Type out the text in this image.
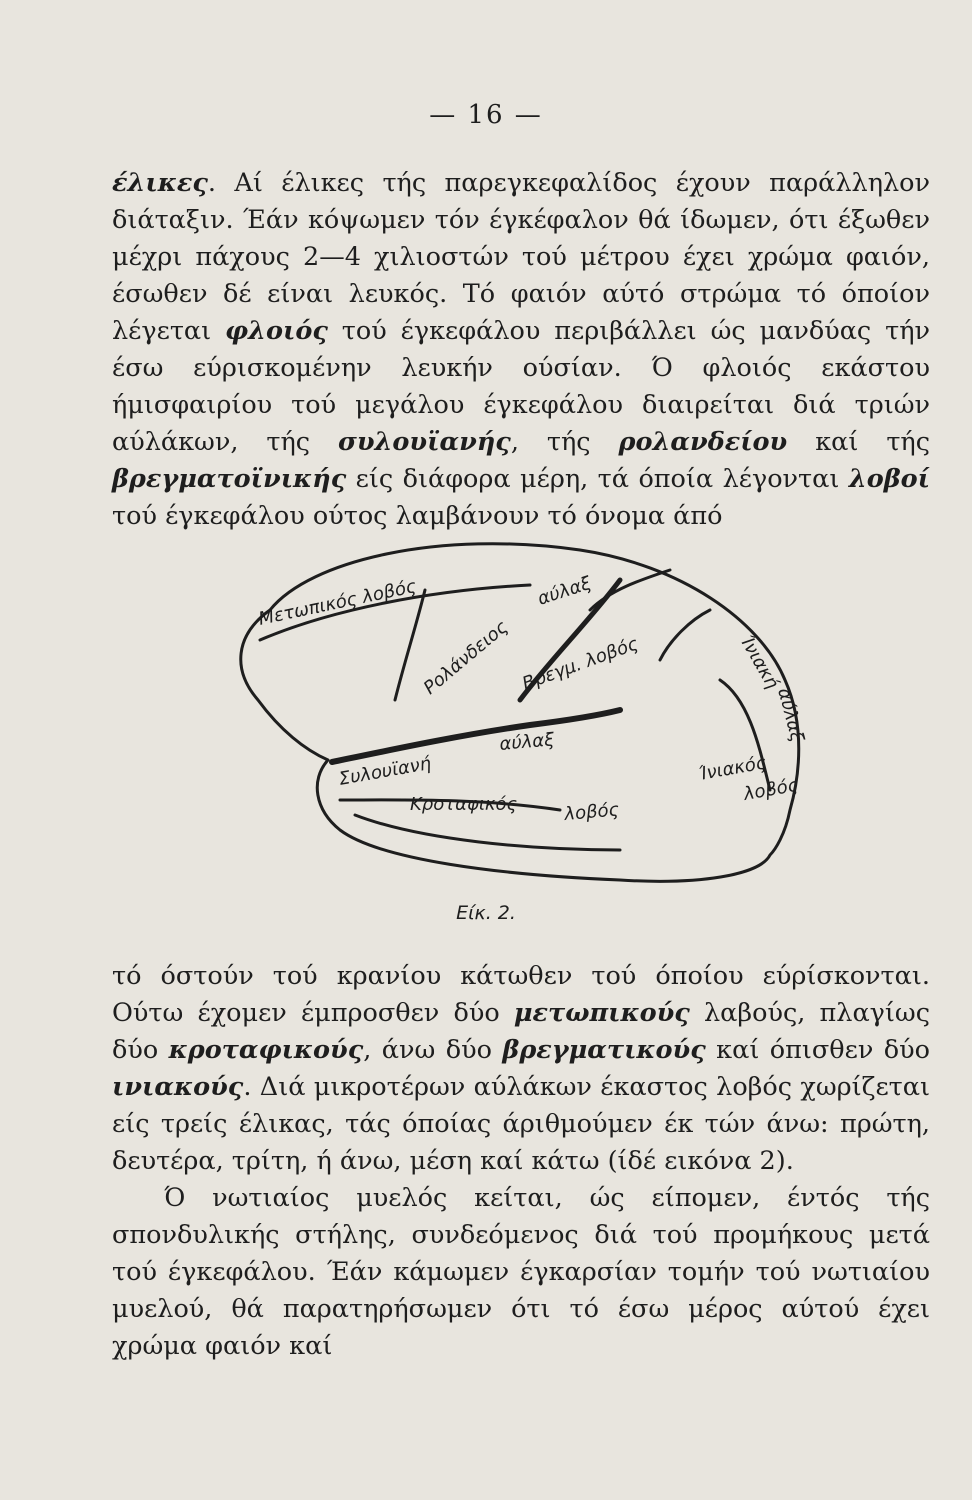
— 16 —

έλικες. Αί έλικες τής παρεγκεφαλίδος έχουν παράλληλον διάταξιν. Έάν κόψωμεν τόν έγκέφαλον θά ίδωμεν, ότι έξωθεν μέχρι πάχους 2—4 χιλιοστών τού μέτρου έχει χρώμα φαιόν, έσωθεν δέ είναι λευκός. Τό φαιόν αύτό στρώμα τό όποίον λέγεται φλοιός τού έγκεφάλου περιβάλλει ώς μανδύας τήν έσω εύρισκομένην λευκήν ούσίαν. Ό φλοιός εκάστου ήμισφαιρίου τού μεγάλου έγκεφάλου διαιρείται διά τριών αύλάκων, τής συλουϊανής, τής ρολανδείου καί τής βρεγματοϊνικής είς διάφορα μέρη, τά όποία λέγονται λοβοί τού έγκεφάλου ούτος λαμβάνουν τό όνομα άπό

Μετωπικός λοβός
Ρολάνδειος
αύλαξ
Βρεγμ. λοβός	Ίνιακή
αύλαξ
Συλουϊανή
αύλαξ
Κροταφικός	λοβός
Ίνιακός
λοβός
Είκ. 2.

τό όστούν τού κρανίου κάτωθεν τού όποίου εύρίσκονται. Ούτω έχομεν έμπροσθεν δύο μετωπικούς λαβούς, πλαγίως δύο κροταφικούς, άνω δύο βρεγματικούς καί όπισθεν δύο ινιακούς. Διά μικροτέρων αύλάκων έκαστος λοβός χωρίζεται είς τρείς έλικας, τάς όποίας άριθμούμεν έκ τών άνω: πρώτη, δευτέρα, τρίτη, ή άνω, μέση καί κάτω (ίδέ εικόνα 2).

Ό νωτιαίος μυελός κείται, ώς είπομεν, έντός τής σπονδυλικής στήλης, συνδεόμενος διά τού προμήκους μετά τού έγκεφάλου. Έάν κάμωμεν έγκαρσίαν τομήν τού νωτιαίου μυελού, θά παρατηρήσωμεν ότι τό έσω μέρος αύτού έχει χρώμα φαιόν καί
